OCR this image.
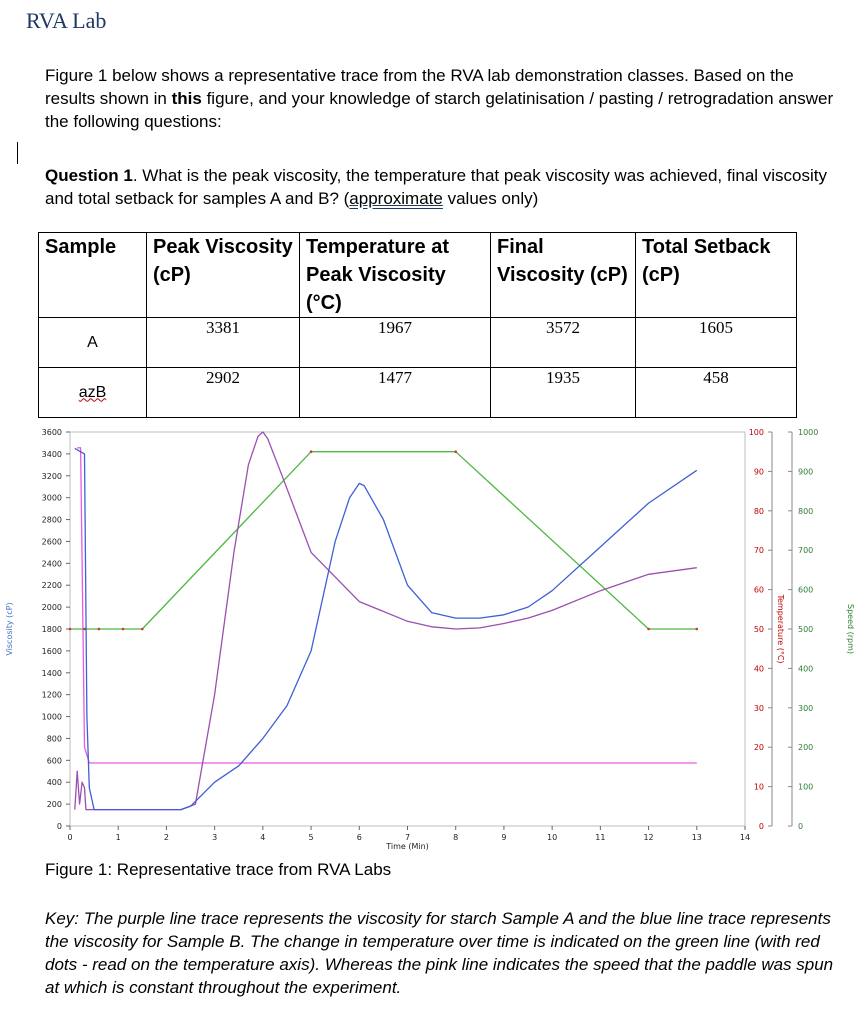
RVA Lab
Figure 1 below shows a representative trace from the RVA lab demonstration classes. Based on the results shown in this figure, and your knowledge of starch gelatinisation / pasting / retrogradation answer the following questions:
Question 1. What is the peak viscosity, the temperature that peak viscosity was achieved, final viscosity and total setback for samples A and B? (approximate values only)
Sample	Peak Viscosity (cP)	Temperature at Peak Viscosity (°C)	Final Viscosity (cP)	Total Setback (cP)
A	3381	1967	3572	1605
azB	2902	1477	1935	458
0
200
400
600
800
1000
1200
1400
1600
1800
2000
2200
2400
2600
2800
3000
3200
3400
3600
0	1	2	3	4	5	6	7	8	9	10	11	12	13	14
Time (Min)
Viscosity (cP)
0
10
20
30
40
50
60
70
80
90
100
Temperature (°C)
0
100
200
300
400
500
600
700
800
900
1000
Speed (rpm)
Figure 1: Representative trace from RVA Labs
Key: The purple line trace represents the viscosity for starch Sample A and the blue line trace represents the viscosity for Sample B. The change in temperature over time is indicated on the green line (with red dots - read on the temperature axis). Whereas the pink line indicates the speed that the paddle was spun at which is constant throughout the experiment.
